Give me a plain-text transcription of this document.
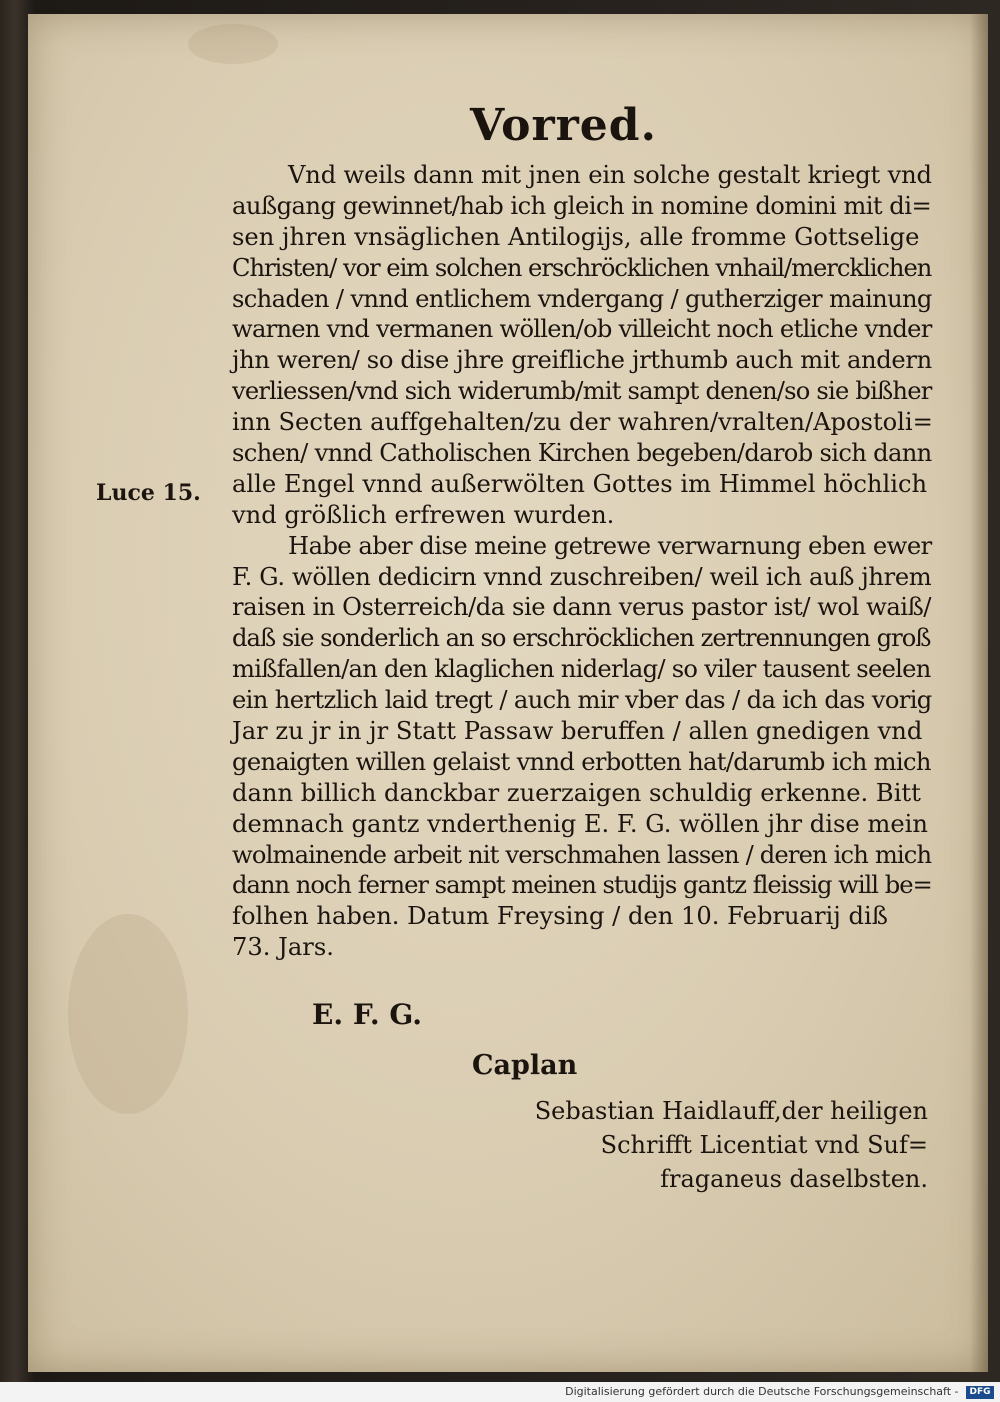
Vorred.
Luce 15.
Vnd weils dann mit jnen ein solche gestalt kriegt vnd
außgang gewinnet/hab ich gleich in nomine domini mit di=
sen jhren vnsäglichen Antilogijs, alle fromme Gottselige
Christen/ vor eim solchen erschröcklichen vnhail/mercklichen
schaden / vnnd entlichem vndergang / gutherziger mainung
warnen vnd vermanen wöllen/ob villeicht noch etliche vnder
jhn weren/ so dise jhre greifliche jrthumb auch mit andern
verliessen/vnd sich widerumb/mit sampt denen/so sie bißher
inn Secten auffgehalten/zu der wahren/vralten/Apostoli=
schen/ vnnd Catholischen Kirchen begeben/darob sich dann
alle Engel vnnd außerwölten Gottes im Himmel höchlich
vnd größlich erfrewen wurden.
Habe aber dise meine getrewe verwarnung eben ewer
F. G. wöllen dedicirn vnnd zuschreiben/ weil ich auß jhrem
raisen in Osterreich/da sie dann verus pastor ist/ wol waiß/
daß sie sonderlich an so erschröcklichen zertrennungen groß
mißfallen/an den klaglichen niderlag/ so viler tausent seelen
ein hertzlich laid tregt / auch mir vber das / da ich das vorig
Jar zu jr in jr Statt Passaw beruffen / allen gnedigen vnd
genaigten willen gelaist vnnd erbotten hat/darumb ich mich
dann billich danckbar zuerzaigen schuldig erkenne. Bitt
demnach gantz vnderthenig E. F. G. wöllen jhr dise mein
wolmainende arbeit nit verschmahen lassen / deren ich mich
dann noch ferner sampt meinen studijs gantz fleissig will be=
folhen haben. Datum Freysing / den 10. Februarij diß
73. Jars.
E. F. G.
Caplan
Sebastian Haidlauff,der heiligen
Schrifft Licentiat vnd Suf=
fraganeus daselbsten.
Digitalisierung gefördert durch die Deutsche Forschungsgemeinschaft - DFG
